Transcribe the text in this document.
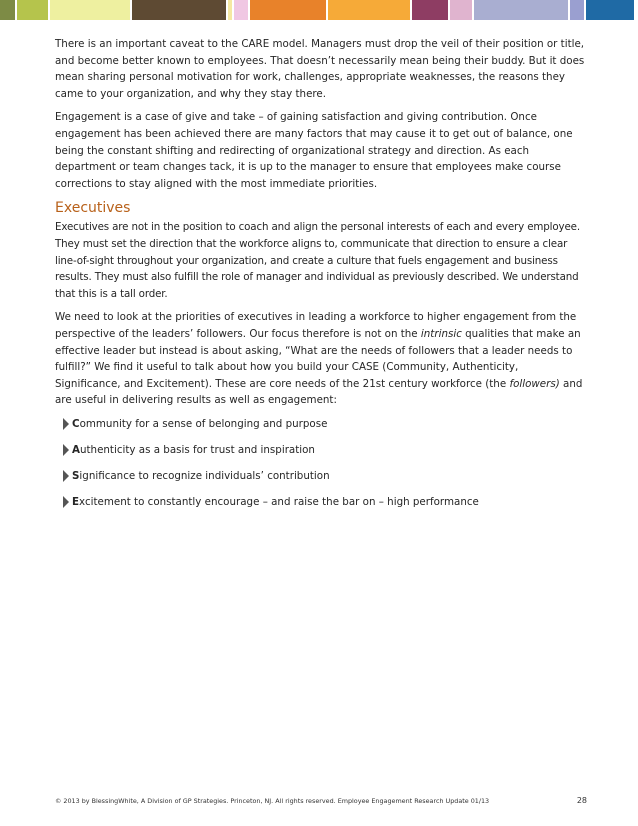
There is an important caveat to the CARE model. Managers must drop the veil of their position or title, and become better known to employees. That doesn’t necessarily mean being their buddy. But it does mean sharing personal motivation for work, challenges, appropriate weaknesses, the reasons they came to your organization, and why they stay there.

Engagement is a case of give and take – of gaining satisfaction and giving contribution. Once engagement has been achieved there are many factors that may cause it to get out of balance, one being the constant shifting and redirecting of organizational strategy and direction. As each department or team changes tack, it is up to the manager to ensure that employees make course corrections to stay aligned with the most immediate priorities.

Executives

Executives are not in the position to coach and align the personal interests of each and every employee. They must set the direction that the workforce aligns to, communicate that direction to ensure a clear line-of-sight throughout your organization, and create a culture that fuels engagement and business results. They must also fulfill the role of manager and individual as previously described. We understand that this is a tall order.

We need to look at the priorities of executives in leading a workforce to higher engagement from the perspective of the leaders’ followers. Our focus therefore is not on the intrinsic qualities that make an effective leader but instead is about asking, “What are the needs of followers that a leader needs to fulfill?” We find it useful to talk about how you build your CASE (Community, Authenticity, Significance, and Excitement). These are core needs of the 21st century workforce (the followers) and are useful in delivering results as well as engagement:

C ommunity for a sense of belonging and purpose
A uthenticity as a basis for trust and inspiration
S ignificance to recognize individuals’ contribution
E xcitement to constantly encourage – and raise the bar on – high performance
© 2013 by BlessingWhite, A Division of GP Strategies. Princeton, NJ. All rights reserved. Employee Engagement Research Update 01/13	28
